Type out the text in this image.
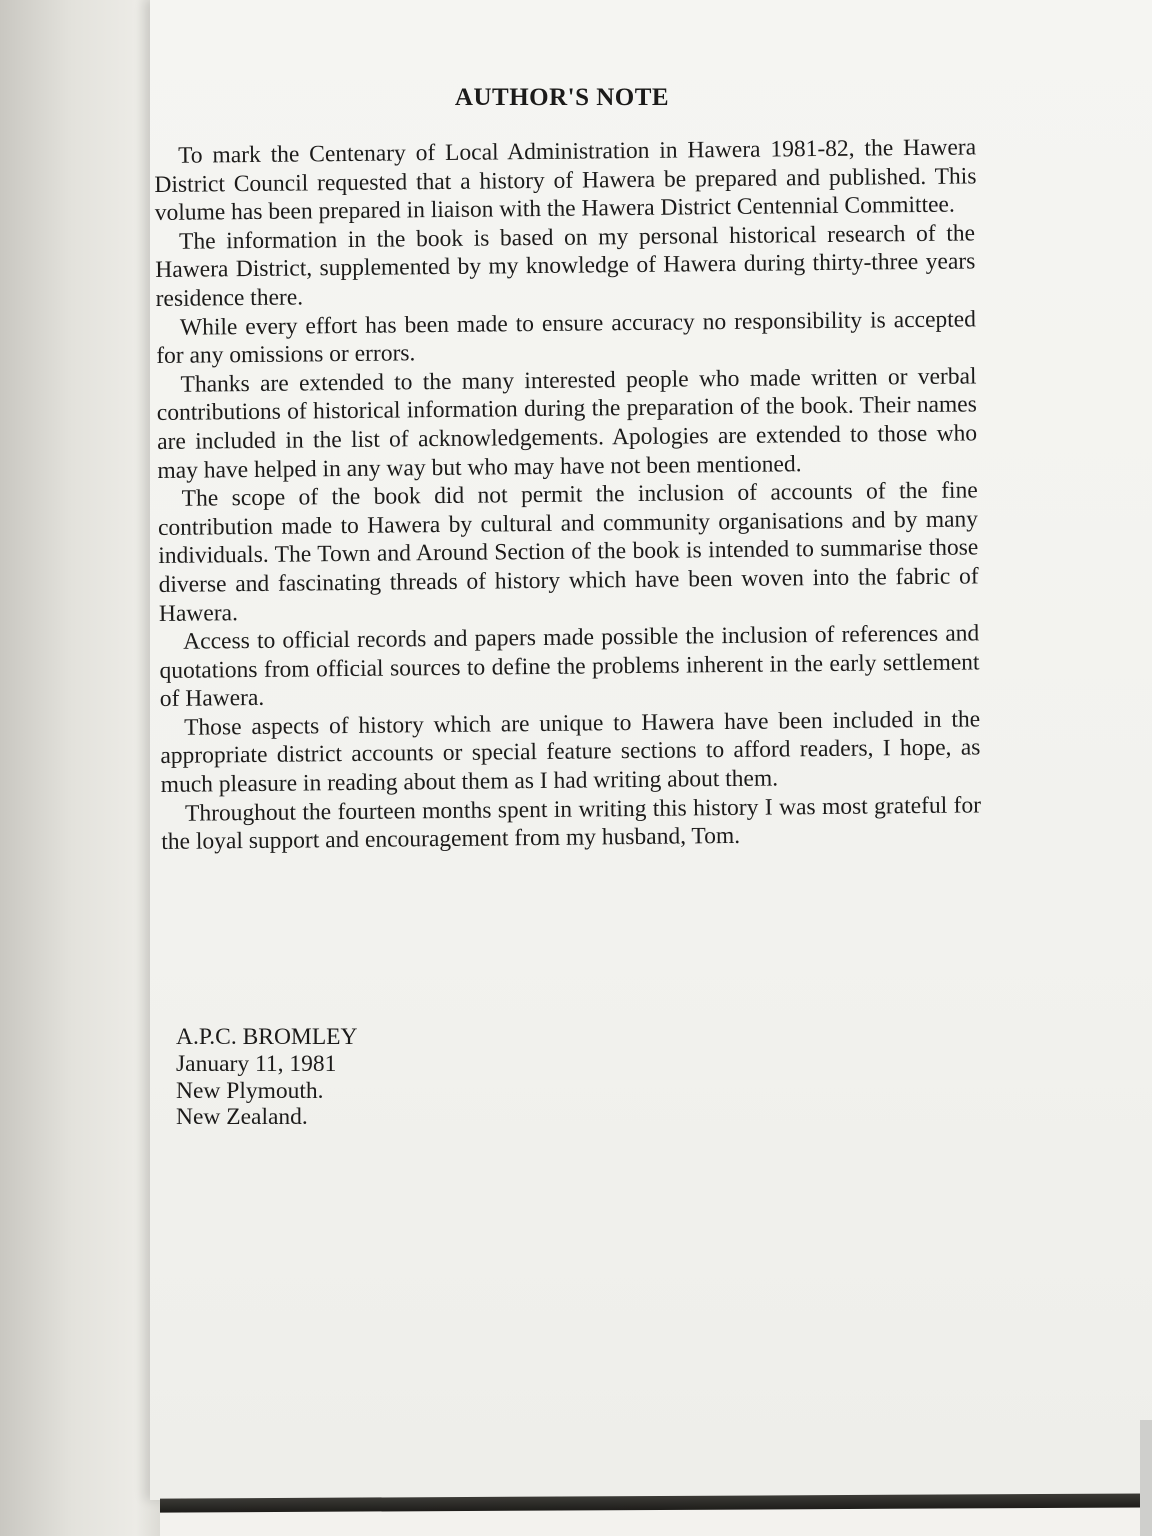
AUTHOR'S NOTE

To mark the Centenary of Local Administration in Hawera 1981-82, the Hawera District Council requested that a history of Hawera be prepared and published. This volume has been prepared in liaison with the Hawera District Centennial Committee.

The information in the book is based on my personal historical research of the Hawera District, supplemented by my knowledge of Hawera during thirty-three years residence there.

While every effort has been made to ensure accuracy no responsibility is accepted for any omissions or errors.

Thanks are extended to the many interested people who made written or verbal contributions of historical information during the preparation of the book. Their names are included in the list of acknowledgements. Apologies are extended to those who may have helped in any way but who may have not been mentioned.

The scope of the book did not permit the inclusion of accounts of the fine contribution made to Hawera by cultural and community organisations and by many individuals. The Town and Around Section of the book is intended to summarise those diverse and fascinating threads of history which have been woven into the fabric of Hawera.

Access to official records and papers made possible the inclusion of references and quotations from official sources to define the problems inherent in the early settlement of Hawera.

Those aspects of history which are unique to Hawera have been included in the appropriate district accounts or special feature sections to afford readers, I hope, as much pleasure in reading about them as I had writing about them.

Throughout the fourteen months spent in writing this history I was most grateful for the loyal support and encouragement from my husband, Tom.

A.P.C. BROMLEY
January 11, 1981
New Plymouth.
New Zealand.
